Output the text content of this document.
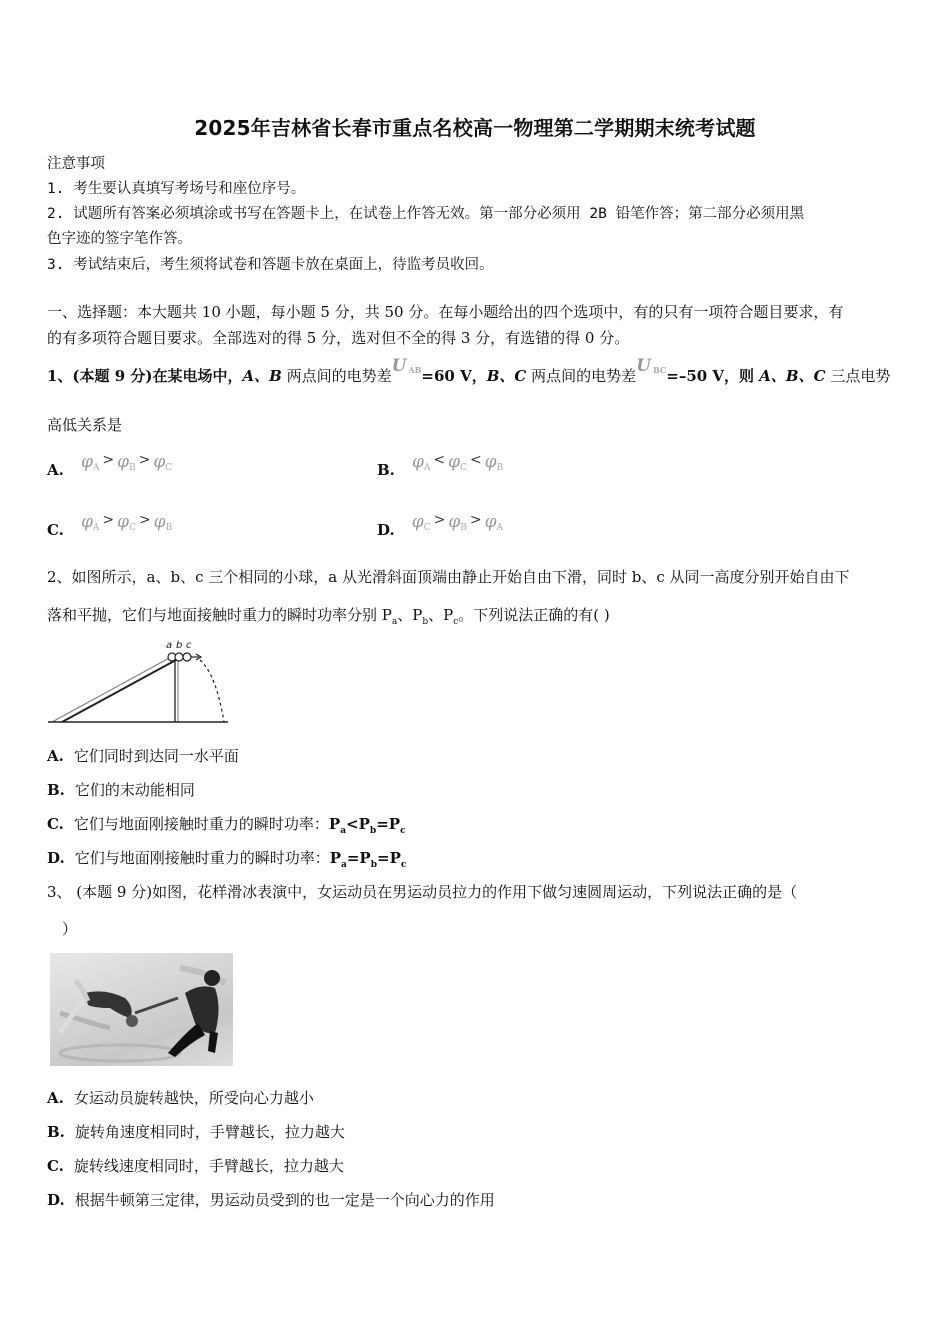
2025年吉林省长春市重点名校高一物理第二学期期末统考试题
注意事项
1. 考生要认真填写考场号和座位序号。
2. 试题所有答案必须填涂或书写在答题卡上，在试卷上作答无效。第一部分必须用 2B 铅笔作答；第二部分必须用黑
色字迹的签字笔作答。
3. 考试结束后，考生须将试卷和答题卡放在桌面上，待监考员收回。
一、选择题：本大题共 10 小题，每小题 5 分，共 50 分。在每小题给出的四个选项中，有的只有一项符合题目要求，有
的有多项符合题目要求。全部选对的得 5 分，选对但不全的得 3 分，有选错的得 0 分。
1、(本题 9 分)在某电场中，A、B 两点间的电势差U $_{AB}$=60 V，B、C 两点间的电势差U $_{BC}$=–50 V，则 A、B、C 三点电势
高低关系是
A. $\varphi_A > \varphi_B > \varphi_C$	B. $\varphi_A < \varphi_C < \varphi_B$
C. $\varphi_A > \varphi_C > \varphi_B$	D. $\varphi_C > \varphi_B > \varphi_A$
2、如图所示，a、b、c 三个相同的小球，a 从光滑斜面顶端由静止开始自由下滑，同时 b、c 从同一高度分别开始自由下
落和平抛，它们与地面接触时重力的瞬时功率分别 $P_a$、$P_b$、$P_c$。下列说法正确的有( )
a b c
A. 它们同时到达同一水平面
B. 它们的末动能相同
C. 它们与地面刚接触时重力的瞬时功率：$P_a<P_b=P_c$
D. 它们与地面刚接触时重力的瞬时功率：$P_a=P_b=P_c$
3、 (本题 9 分)如图，花样滑冰表演中，女运动员在男运动员拉力的作用下做匀速圆周运动，下列说法正确的是（
）
A. 女运动员旋转越快，所受向心力越小
B. 旋转角速度相同时，手臂越长，拉力越大
C. 旋转线速度相同时，手臂越长，拉力越大
D. 根据牛顿第三定律，男运动员受到的也一定是一个向心力的作用
